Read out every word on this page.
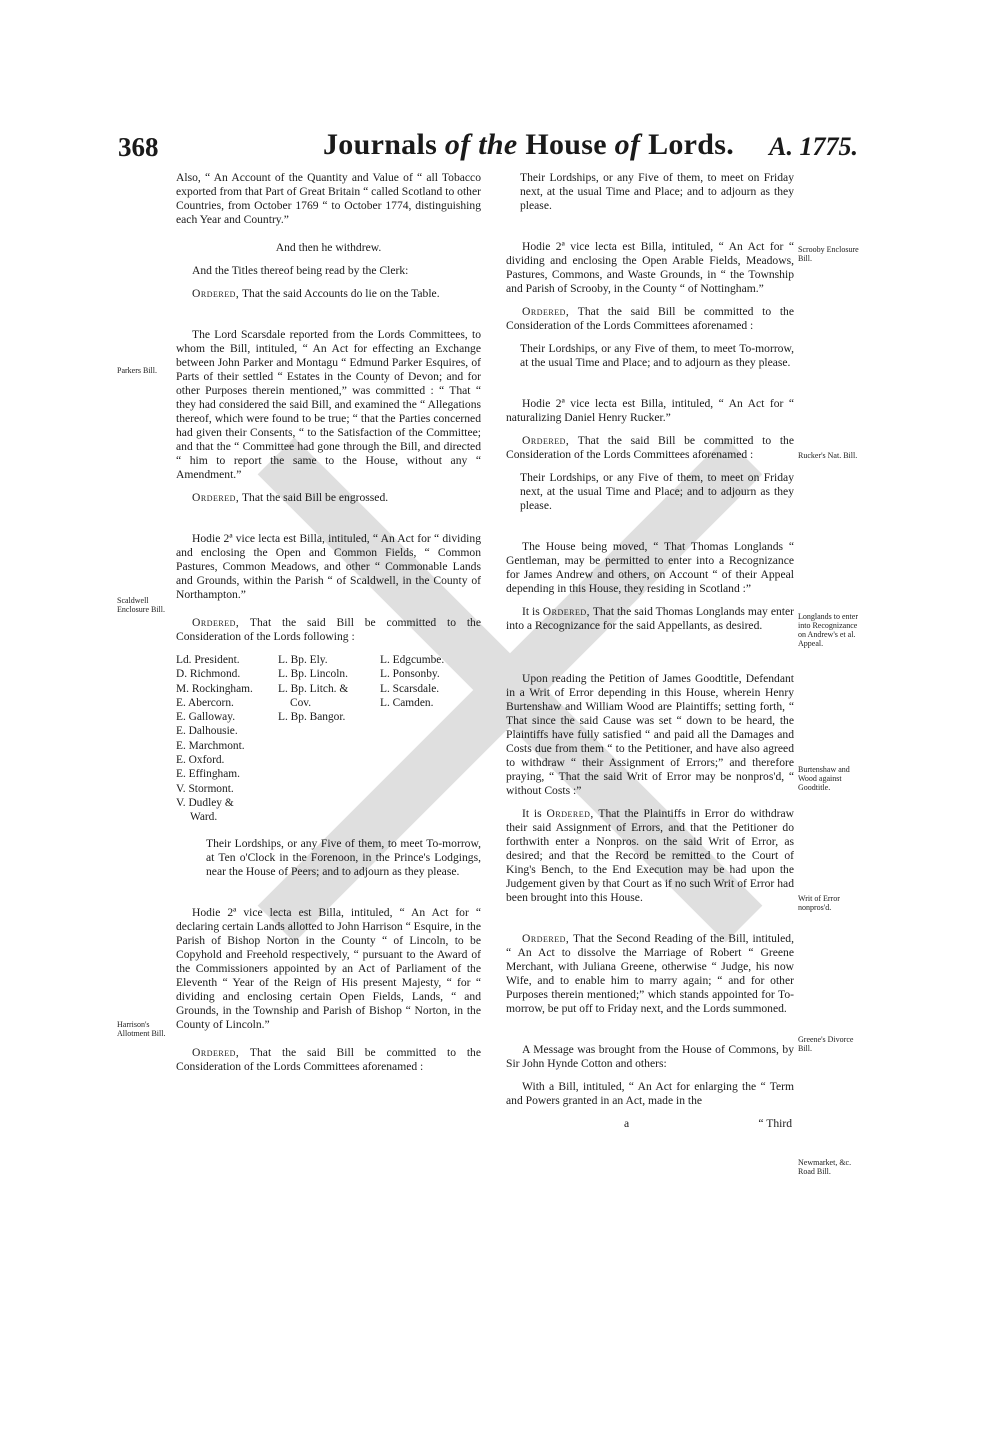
368	Journals of the House of Lords. A. 1775.
Parkers Bill.
Scaldwell Enclosure Bill.
Harrison's Allotment Bill.
Scrooby Enclosure Bill.
Rucker's Nat. Bill.
Longlands to enter into Recognizance on Andrew's et al. Appeal.
Burtenshaw and Wood against Goodtitle.
Writ of Error nonpros'd.
Greene's Divorce Bill.
Newmarket, &c. Road Bill.

Also, “ An Account of the Quantity and Value of “ all Tobacco exported from that Part of Great Britain “ called Scotland to other Countries, from October 1769 “ to October 1774, distinguishing each Year and Country.”

And then he withdrew.

And the Titles thereof being read by the Clerk:

Ordered, That the said Accounts do lie on the Table.

The Lord Scarsdale reported from the Lords Committees, to whom the Bill, intituled, “ An Act for effecting an Exchange between John Parker and Montagu “ Edmund Parker Esquires, of Parts of their settled “ Estates in the County of Devon; and for other Purposes therein mentioned,” was committed : “ That “ they had considered the said Bill, and examined the “ Allegations thereof, which were found to be true; “ that the Parties concerned had given their Consents, “ to the Satisfaction of the Committee; and that the “ Committee had gone through the Bill, and directed “ him to report the same to the House, without any “ Amendment.”

Ordered, That the said Bill be engrossed.

Hodie 2ª vice lecta est Billa, intituled, “ An Act for “ dividing and enclosing the Open and Common Fields, “ Common Pastures, Common Meadows, and other “ Commonable Lands and Grounds, within the Parish “ of Scaldwell, in the County of Northampton.”

Ordered, That the said Bill be committed to the Consideration of the Lords following :

Ld. President.
D. Richmond.
M. Rockingham.
E. Abercorn.
E. Galloway.
E. Dalhousie.
E. Marchmont.
E. Oxford.
E. Effingham.
V. Stormont.
V. Dudley &
Ward.
L. Bp. Ely.
L. Bp. Lincoln.
L. Bp. Litch. &
Cov.
L. Bp. Bangor.
L. Edgcumbe.
L. Ponsonby.
L. Scarsdale.
L. Camden.

Their Lordships, or any Five of them, to meet To-morrow, at Ten o'Clock in the Forenoon, in the Prince's Lodgings, near the House of Peers; and to adjourn as they please.

Hodie 2ª vice lecta est Billa, intituled, “ An Act for “ declaring certain Lands allotted to John Harrison “ Esquire, in the Parish of Bishop Norton in the County “ of Lincoln, to be Copyhold and Freehold respectively, “ pursuant to the Award of the Commissioners appointed by an Act of Parliament of the Eleventh “ Year of the Reign of His present Majesty, “ for “ dividing and enclosing certain Open Fields, Lands, “ and Grounds, in the Township and Parish of Bishop “ Norton, in the County of Lincoln.”

Ordered, That the said Bill be committed to the Consideration of the Lords Committees aforenamed :

Their Lordships, or any Five of them, to meet on Friday next, at the usual Time and Place; and to adjourn as they please.

Hodie 2ª vice lecta est Billa, intituled, “ An Act for “ dividing and enclosing the Open Arable Fields, Meadows, Pastures, Commons, and Waste Grounds, in “ the Township and Parish of Scrooby, in the County “ of Nottingham.”

Ordered, That the said Bill be committed to the Consideration of the Lords Committees aforenamed :

Their Lordships, or any Five of them, to meet To-morrow, at the usual Time and Place; and to adjourn as they please.

Hodie 2ª vice lecta est Billa, intituled, “ An Act for “ naturalizing Daniel Henry Rucker.”

Ordered, That the said Bill be committed to the Consideration of the Lords Committees aforenamed :

Their Lordships, or any Five of them, to meet on Friday next, at the usual Time and Place; and to adjourn as they please.

The House being moved, “ That Thomas Longlands “ Gentleman, may be permitted to enter into a Recognizance for James Andrew and others, on Account “ of their Appeal depending in this House, they residing in Scotland :”

It is Ordered, That the said Thomas Longlands may enter into a Recognizance for the said Appellants, as desired.

Upon reading the Petition of James Goodtitle, Defendant in a Writ of Error depending in this House, wherein Henry Burtenshaw and William Wood are Plaintiffs; setting forth, “ That since the said Cause was set “ down to be heard, the Plaintiffs have fully satisfied “ and paid all the Damages and Costs due from them “ to the Petitioner, and have also agreed to withdraw “ their Assignment of Errors;” and therefore praying, “ That the said Writ of Error may be nonpros'd, “ without Costs :”

It is Ordered, That the Plaintiffs in Error do withdraw their said Assignment of Errors, and that the Petitioner do forthwith enter a Nonpros. on the said Writ of Error, as desired; and that the Record be remitted to the Court of King's Bench, to the End Execution may be had upon the Judgement given by that Court as if no such Writ of Error had been brought into this House.

Ordered, That the Second Reading of the Bill, intituled, “ An Act to dissolve the Marriage of Robert “ Greene Merchant, with Juliana Greene, otherwise “ Judge, his now Wife, and to enable him to marry again; “ and for other Purposes therein mentioned;” which stands appointed for To-morrow, be put off to Friday next, and the Lords summoned.

A Message was brought from the House of Commons, by Sir John Hynde Cotton and others:

With a Bill, intituled, “ An Act for enlarging the “ Term and Powers granted in an Act, made in the

a	“ Third
